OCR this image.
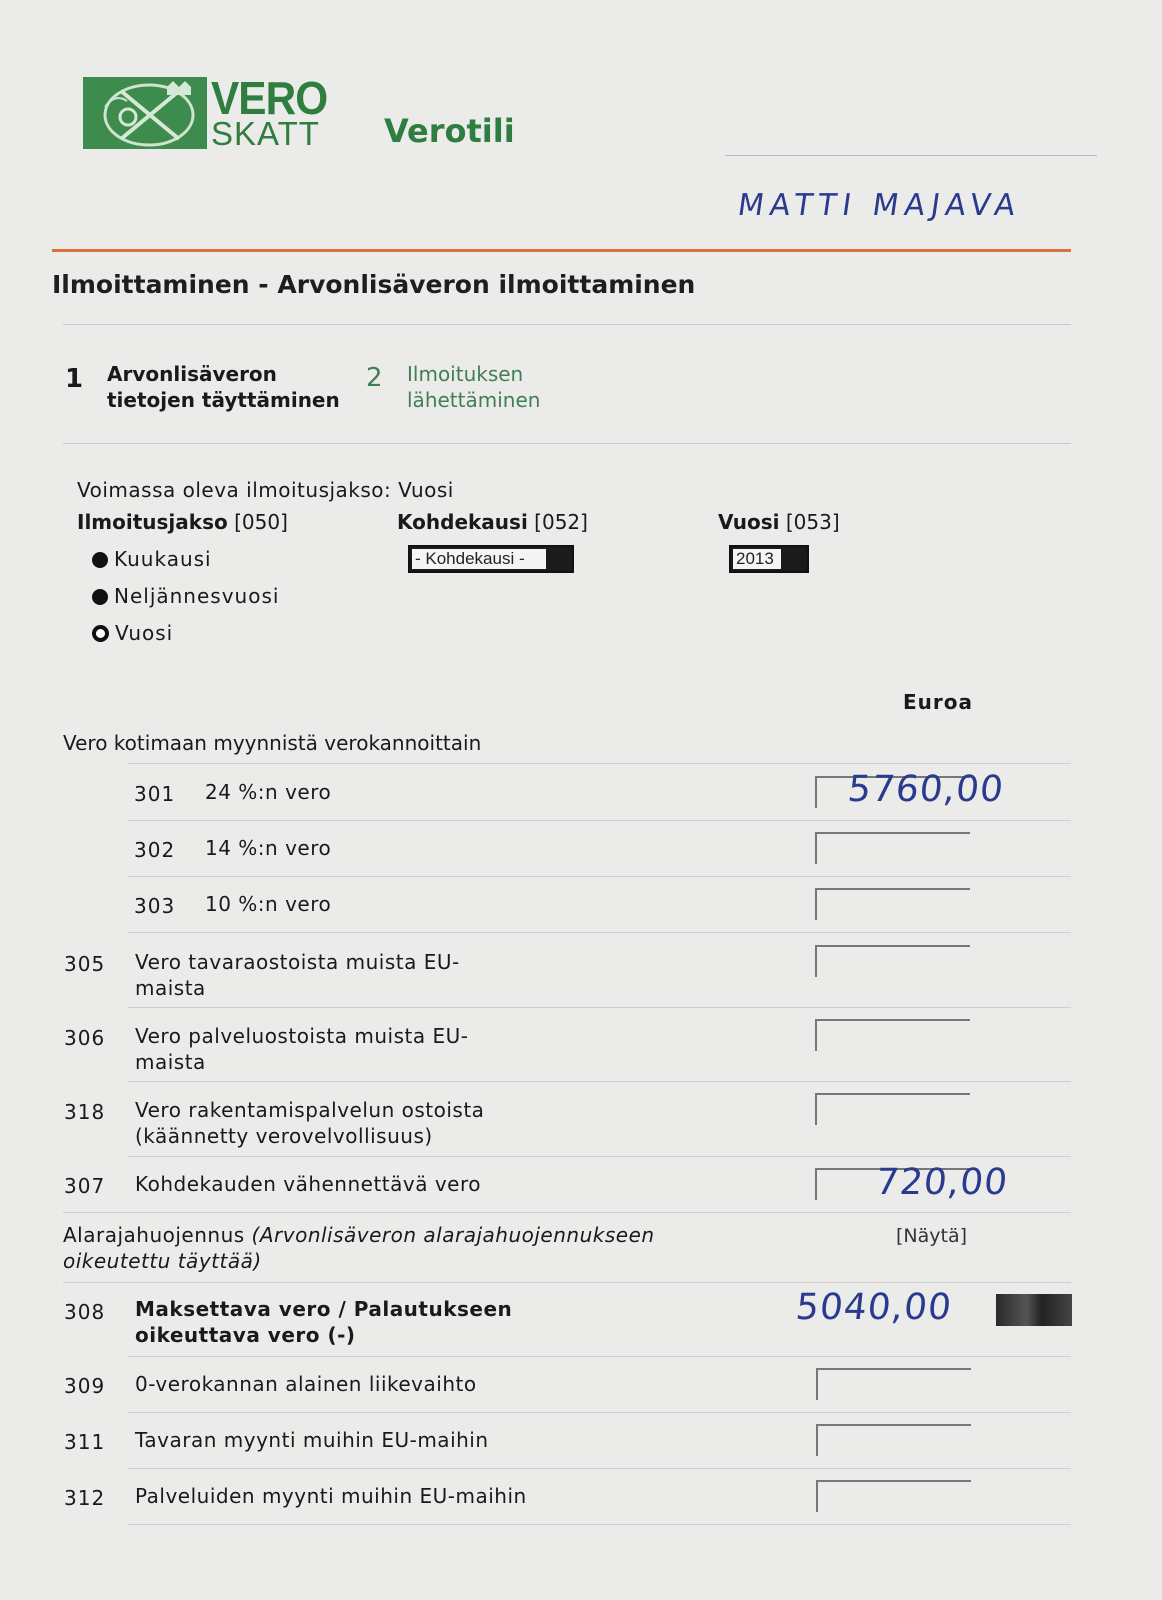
VERO
SKATT Verotili
MATTI MAJAVA
Ilmoittaminen - Arvonlisäveron ilmoittaminen
1 Arvonlisäveron
tietojen täyttäminen
2 Ilmoituksen
lähettäminen
Voimassa oleva ilmoitusjakso: Vuosi
Ilmoitusjakso [050]
Kuukausi
Neljännesvuosi
Vuosi
Kohdekausi [052]
- Kohdekausi -
Vuosi [053]
2013
Euroa
Vero kotimaan myynnistä verokannoittain
301 24 %:n vero	5760,00
302 14 %:n vero
303 10 %:n vero
305 Vero tavaraostoista muista EU-
maista
306 Vero palveluostoista muista EU-
maista
318 Vero rakentamispalvelun ostoista
(käännetty verovelvollisuus)
307 Kohdekauden vähennettävä vero	720,00
Alarajahuojennus (Arvonlisäveron alarajahuojennukseen
oikeutettu täyttää)
[Näytä]
308 Maksettava vero / Palautukseen
oikeuttava vero (-)
5040,00
309 0-verokannan alainen liikevaihto
311 Tavaran myynti muihin EU-maihin
312 Palveluiden myynti muihin EU-maihin
